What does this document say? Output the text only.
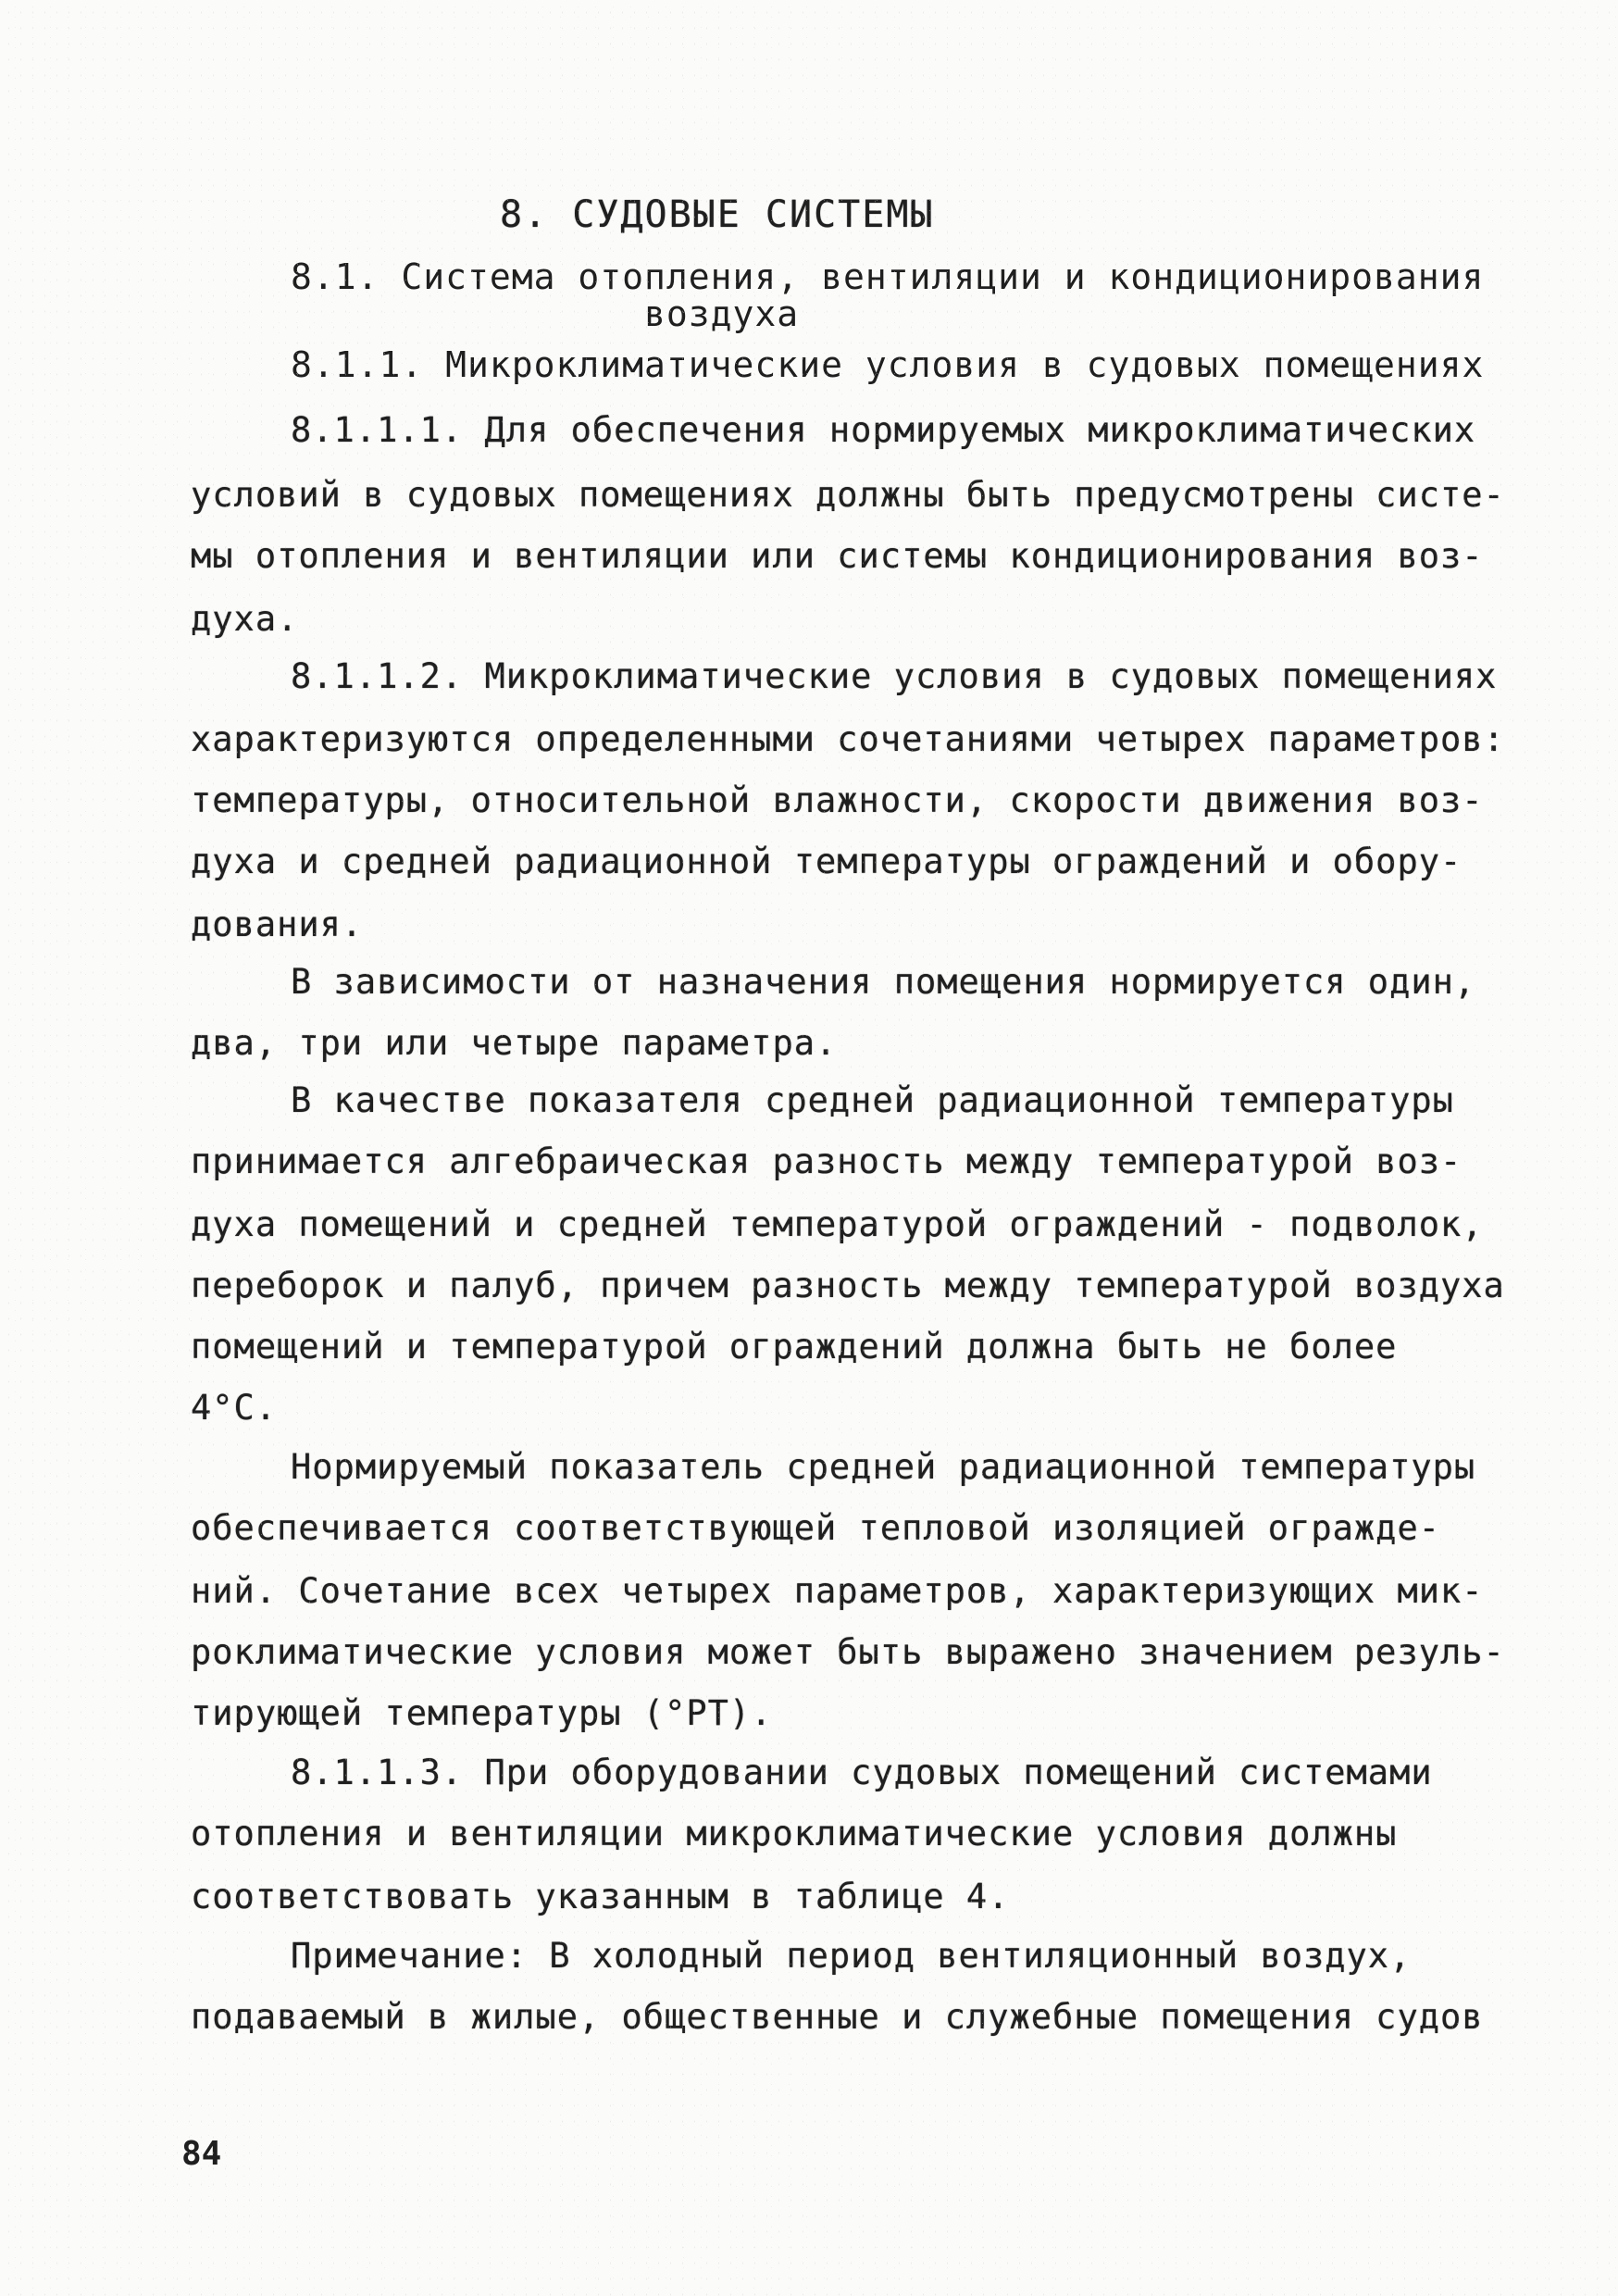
8. СУДОВЫЕ СИСТЕМЫ
8.1. Система отопления, вентиляции и кондиционирования
воздуха
8.1.1. Микроклиматические условия в судовых помещениях
8.1.1.1. Для обеспечения нормируемых микроклиматических
условий в судовых помещениях должны быть предусмотрены систе-
мы отопления и вентиляции или системы кондиционирования воз-
духа.
8.1.1.2. Микроклиматические условия в судовых помещениях
характеризуются определенными сочетаниями четырех параметров:
температуры, относительной влажности, скорости движения воз-
духа и средней радиационной температуры ограждений и обору-
дования.
В зависимости от назначения помещения нормируется один,
два, три или четыре параметра.
В качестве показателя средней радиационной температуры
принимается алгебраическая разность между температурой воз-
духа помещений и средней температурой ограждений - подволок,
переборок и палуб, причем разность между температурой воздуха
помещений и температурой ограждений должна быть не более
4°С.
Нормируемый показатель средней радиационной температуры
обеспечивается соответствующей тепловой изоляцией огражде-
ний. Сочетание всех четырех параметров, характеризующих мик-
роклиматические условия может быть выражено значением резуль-
тирующей температуры (°РТ).
8.1.1.3. При оборудовании судовых помещений системами
отопления и вентиляции микроклиматические условия должны
соответствовать указанным в таблице 4.
Примечание: В холодный период вентиляционный воздух,
подаваемый в жилые, общественные и служебные помещения судов
84
